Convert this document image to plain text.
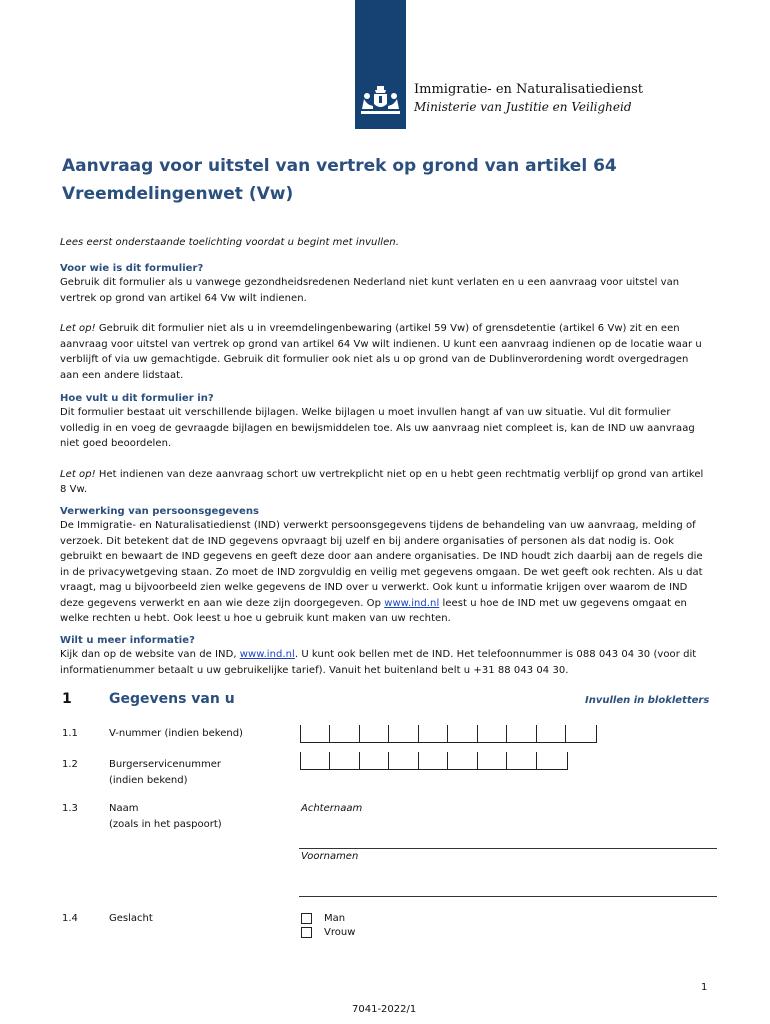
Immigratie- en Naturalisatiedienst
Ministerie van Justitie en Veiligheid
Aanvraag voor uitstel van vertrek op grond van artikel 64 Vreemdelingenwet (Vw)
Lees eerst onderstaande toelichting voordat u begint met invullen.
Voor wie is dit formulier?
Gebruik dit formulier als u vanwege gezondheidsredenen Nederland niet kunt verlaten en u een aanvraag voor uitstel van vertrek op grond van artikel 64 Vw wilt indienen.
Let op! Gebruik dit formulier niet als u in vreemdelingenbewaring (artikel 59 Vw) of grensdetentie (artikel 6 Vw) zit en een aanvraag voor uitstel van vertrek op grond van artikel 64 Vw wilt indienen. U kunt een aanvraag indienen op de locatie waar u verblijft of via uw gemachtigde. Gebruik dit formulier ook niet als u op grond van de Dublinverordening wordt overgedragen aan een andere lidstaat.
Hoe vult u dit formulier in?
Dit formulier bestaat uit verschillende bijlagen. Welke bijlagen u moet invullen hangt af van uw situatie. Vul dit formulier volledig in en voeg de gevraagde bijlagen en bewijsmiddelen toe. Als uw aanvraag niet compleet is, kan de IND uw aanvraag niet goed beoordelen.
Let op! Het indienen van deze aanvraag schort uw vertrekplicht niet op en u hebt geen rechtmatig verblijf op grond van artikel 8 Vw.
Verwerking van persoonsgegevens
De Immigratie- en Naturalisatiedienst (IND) verwerkt persoonsgegevens tijdens de behandeling van uw aanvraag, melding of verzoek. Dit betekent dat de IND gegevens opvraagt bij uzelf en bij andere organisaties of personen als dat nodig is. Ook gebruikt en bewaart de IND gegevens en geeft deze door aan andere organisaties. De IND houdt zich daarbij aan de regels die in de privacywetgeving staan. Zo moet de IND zorgvuldig en veilig met gegevens omgaan. De wet geeft ook rechten. Als u dat vraagt, mag u bijvoorbeeld zien welke gegevens de IND over u verwerkt. Ook kunt u informatie krijgen over waarom de IND deze gegevens verwerkt en aan wie deze zijn doorgegeven. Op www.ind.nl leest u hoe de IND met uw gegevens omgaat en welke rechten u hebt. Ook leest u hoe u gebruik kunt maken van uw rechten.
Wilt u meer informatie?
Kijk dan op de website van de IND, www.ind.nl. U kunt ook bellen met de IND. Het telefoonnummer is 088 043 04 30 (voor dit informatienummer betaalt u uw gebruikelijke tarief). Vanuit het buitenland belt u +31 88 043 04 30.
1	Gegevens van u	Invullen in blokletters
1.1	V-nummer (indien bekend)
1.2	Burgerservicenummer
(indien bekend)
1.3	Naam
(zoals in het paspoort)
Achternaam
Voornamen
1.4	Geslacht	Man
Vrouw
1
7041-2022/1
